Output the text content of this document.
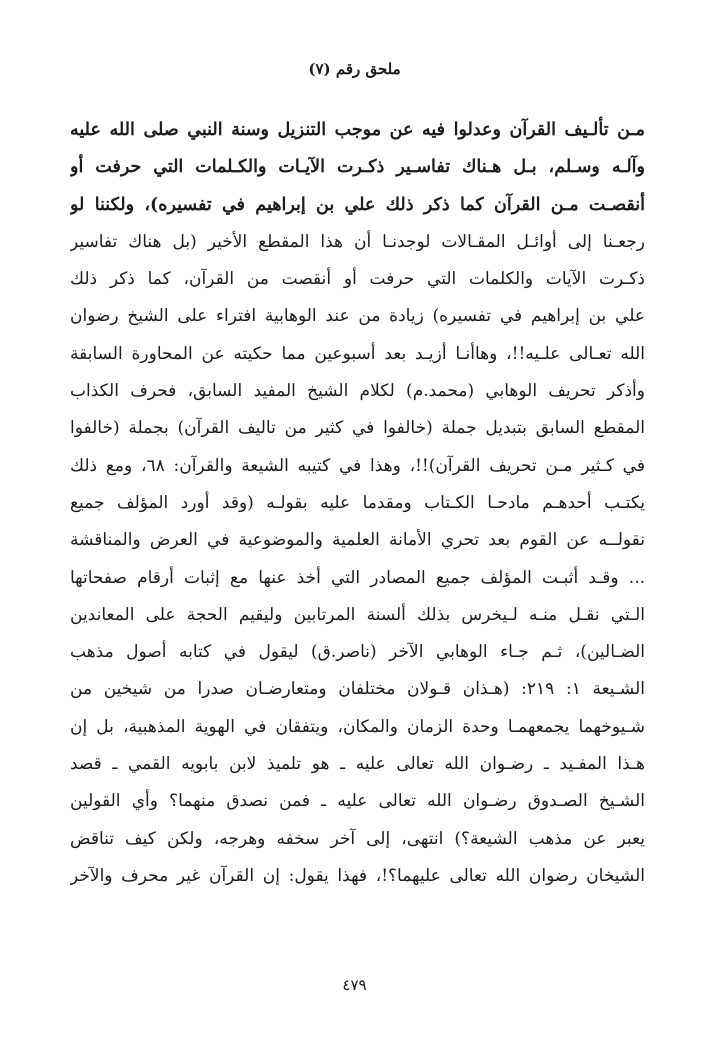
ملحق رقم (٧)
مـن تألـيف القرآن وعدلوا فيه عن موجب التنزيل وسنة النبي صلى الله عليه
وآلـه وسـلم، بـل هـناك تفاسـير ذكـرت الآيـات والكـلمات التي حرفت أو
أنقصـت مـن القرآن كما ذكر ذلك علي بن إبراهيم في تفسيره)، ولكننا لو
رجعـنا إلى أوائـل المقـالات لوجدنـا أن هذا المقطع الأخير (بل هناك تفاسير
ذكـرت الآيات والكلمات التي حرفت أو أنقصت من القرآن، كما ذكر ذلك
علي بن إبراهيم في تفسيره) زيادة من عند الوهابية افتراء على الشيخ رضوان
الله تعـالى علـيه!!، وهاأنـا أزيـد بعد أسبوعين مما حكيته عن المحاورة السابقة
وأذكر تحريف الوهابي (محمد.م) لكلام الشيخ المفيد السابق، فحرف الكذاب
المقطع السابق بتبديل جملة (خالفوا في كثير من تاليف القرآن) بجملة (خالفوا
في كـثير مـن تحريف القرآن)!!، وهذا في كتيبه الشيعة والقرآن: ٦٨، ومع ذلك
يكتـب أحدهـم مادحـا الكـتاب ومقدما عليه بقولـه (وقد أورد المؤلف جميع
نقولــه عن القوم بعد تحري الأمانة العلمية والموضوعية في العرض والمناقشة
... وقـد أثبـت المؤلف جميع المصادر التي أخذ عنها مع إثبات أرقام صفحاتها
الـتي نقـل منـه لـيخرس بذلك ألسنة المرتابين وليقيم الحجة على المعاندين
الضـالين)، ثـم جـاء الوهابي الآخر (ناصر.ق) ليقول في كتابه أصول مذهب
الشـيعة ١: ٢١٩: (هـذان قـولان مختلفان ومتعارضـان صدرا من شيخين من
شـيوخهما يجمعهمـا وحدة الزمان والمكان، ويتفقان في الهوية المذهبية، بل إن
هـذا المفـيد ـ رضـوان الله تعالى عليه ـ هو تلميذ لابن بابويه القمي ـ قصد
الشـيخ الصـدوق رضـوان الله تعالى عليه ـ فمن نصدق منهما؟ وأي القولين
يعبر عن مذهب الشيعة؟) انتهى، إلى آخر سخفه وهرجه، ولكن كيف تناقض
الشيخان رضوان الله تعالى عليهما؟!، فهذا يقول: إن القرآن غير محرف والآخر
٤٧٩
